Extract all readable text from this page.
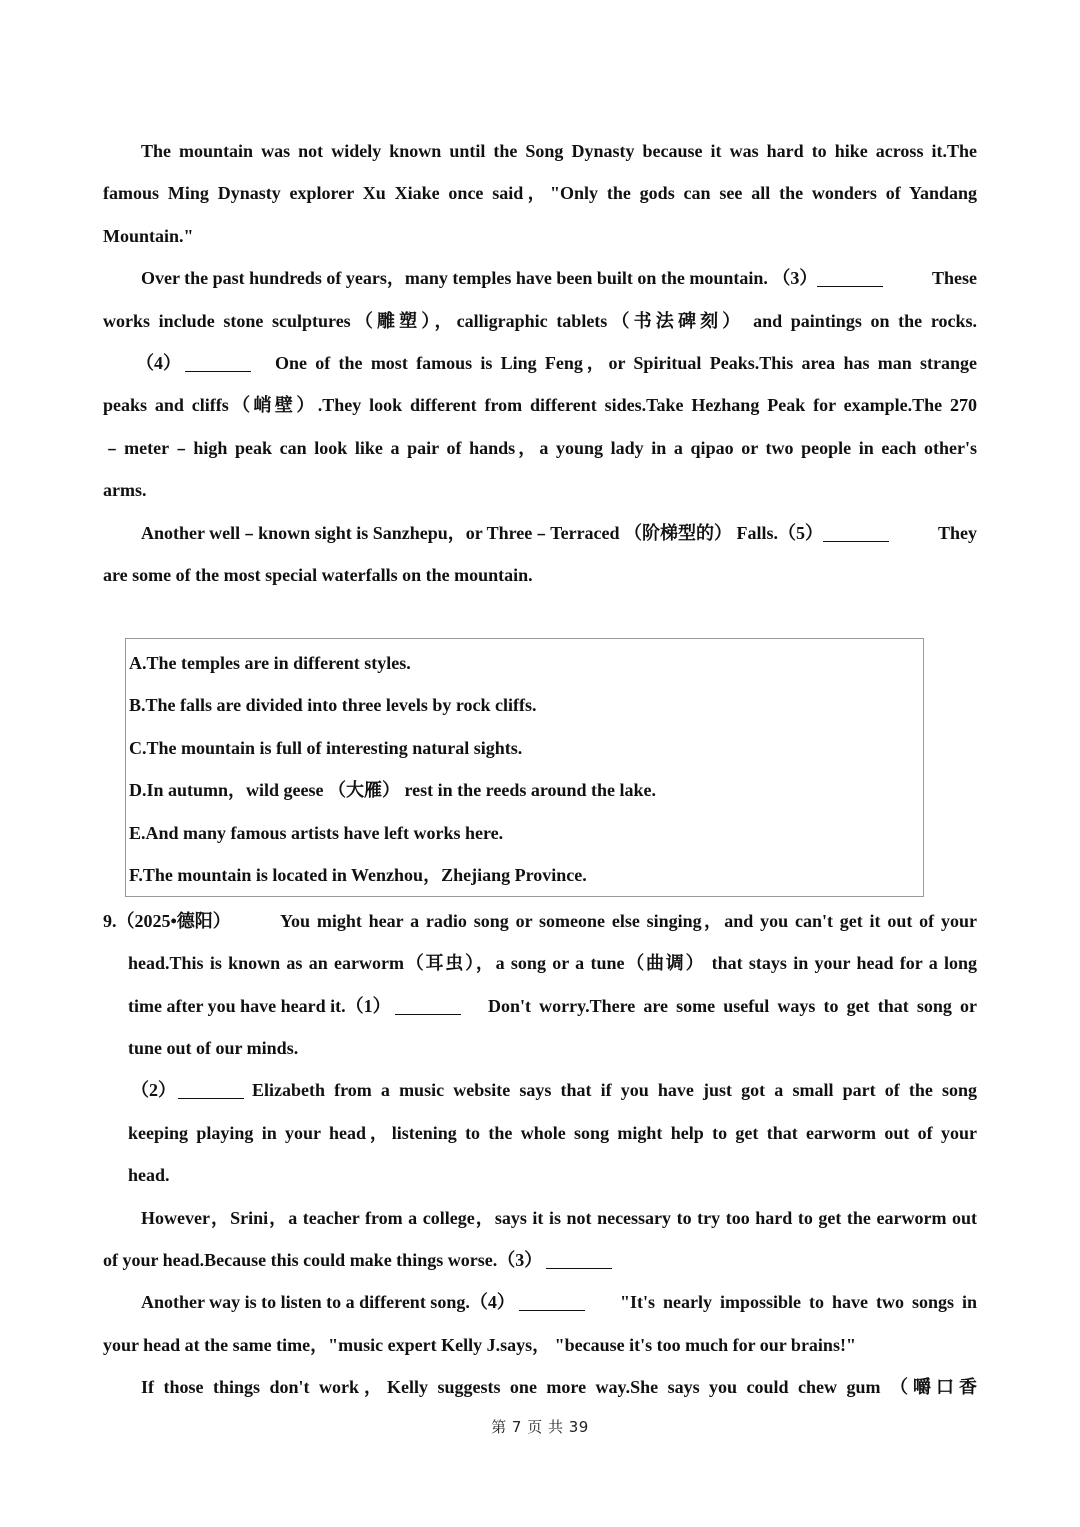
The mountain was not widely known until the Song Dynasty because it was hard to hike across it.The

famous Ming Dynasty explorer Xu Xiake once said，"Only the gods can see all the wonders of Yandang

Mountain."

Over the past hundreds of years，many temples have been built on the mountain. （3）	These

works include stone sculptures（雕塑），calligraphic tablets（书法碑刻） and paintings on the rocks.

（4）	One of the most famous is Ling Feng，or Spiritual Peaks.This area has man strange

peaks and cliffs（峭壁）.They look different from different sides.Take Hezhang Peak for example.The 270

﹣meter﹣high peak can look like a pair of hands，a young lady in a qipao or two people in each other's

arms.

Another well﹣known sight is Sanzhepu，or Three﹣Terraced （阶梯型的） Falls.（5）	They

are some of the most special waterfalls on the mountain.

A.The temples are in different styles.

B.The falls are divided into three levels by rock cliffs.

C.The mountain is full of interesting natural sights.

D.In autumn，wild geese （大雁） rest in the reeds around the lake.

E.And many famous artists have left works here.

F.The mountain is located in Wenzhou，Zhejiang Province.

9.（2025•德阳）	You might hear a radio song or someone else singing，and you can't get it out of your

head.This is known as an earworm（耳虫），a song or a tune（曲调） that stays in your head for a long

time after you have heard it.（1）	Don't worry.There are some useful ways to get that song or

tune out of our minds.

（2）	Elizabeth from a music website says that if you have just got a small part of the song

keeping playing in your head，listening to the whole song might help to get that earworm out of your

head.

However，Srini，a teacher from a college，says it is not necessary to try too hard to get the earworm out

of your head.Because this could make things worse.（3）

Another way is to listen to a different song.（4）	"It's nearly impossible to have two songs in

your head at the same time，"music expert Kelly J.says， "because it's too much for our brains!"

If those things don't work，Kelly suggests one more way.She says you could chew gum （嚼口香

第 7 页 共 39
